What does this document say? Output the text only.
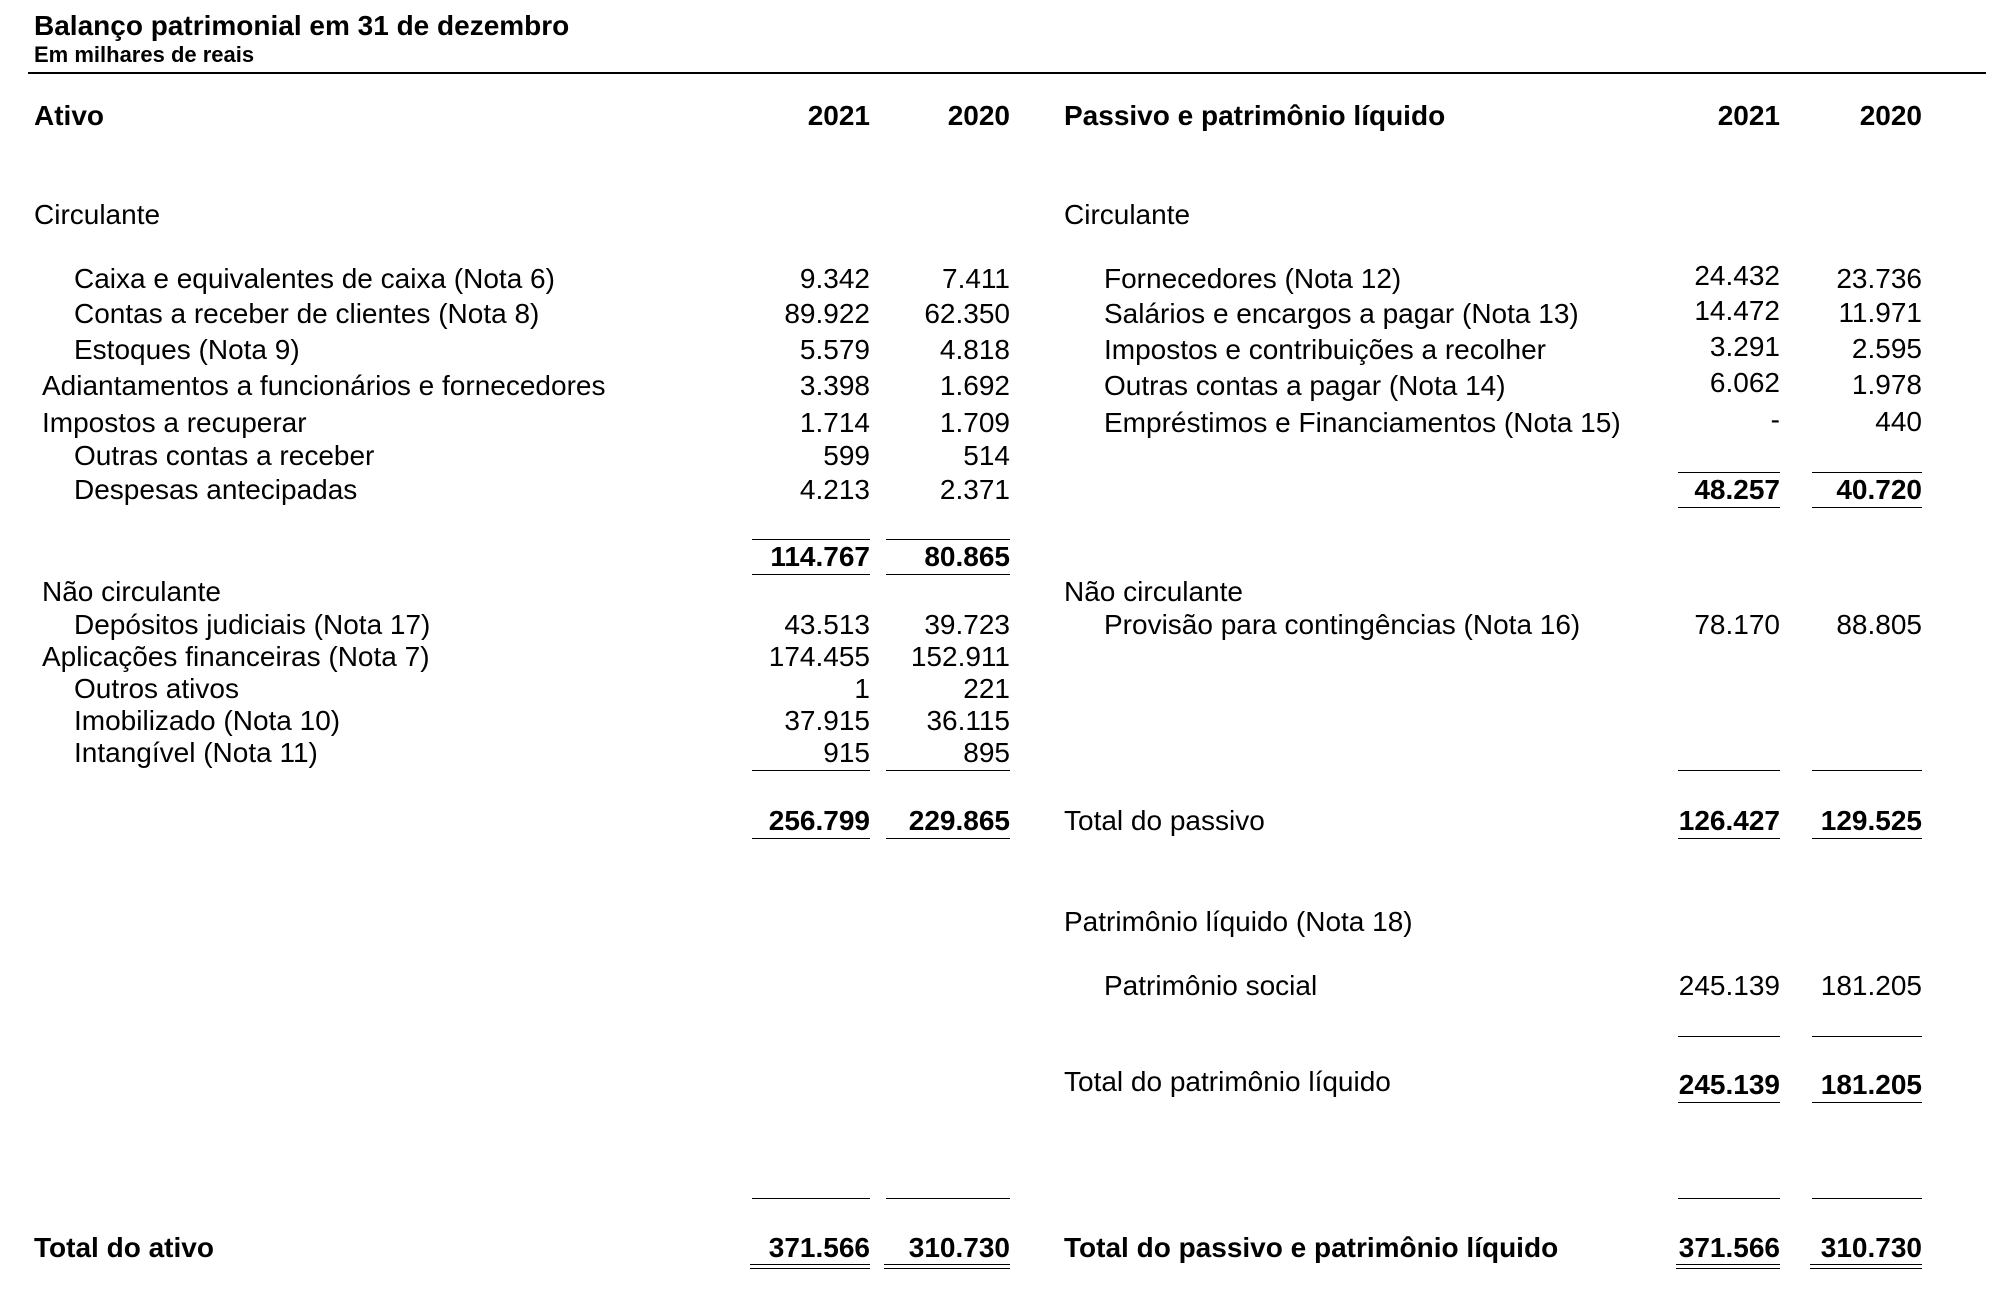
Balanço patrimonial em 31 de dezembro
Em milhares de reais
Ativo	2021	2020
Circulante
Caixa e equivalentes de caixa (Nota 6)	9.342	7.411
Contas a receber de clientes (Nota 8)	89.922	62.350
Estoques (Nota 9)	5.579	4.818
Adiantamentos a funcionários e fornecedores	3.398	1.692
Impostos a recuperar	1.714	1.709
Outras contas a receber	599	514
Despesas antecipadas	4.213	2.371
114.767	80.865
Não circulante
Depósitos judiciais (Nota 17)	43.513	39.723
Aplicações financeiras (Nota 7)	174.455	152.911
Outros ativos	1	221
Imobilizado (Nota 10)	37.915	36.115
Intangível (Nota 11)	915	895
256.799	229.865
Total do ativo	371.566	310.730
Passivo e patrimônio líquido	2021	2020
Circulante
Fornecedores (Nota 12)	24.432	23.736
Salários e encargos a pagar (Nota 13)	14.472	11.971
Impostos e contribuições a recolher	3.291	2.595
Outras contas a pagar (Nota 14)	6.062	1.978
Empréstimos e Financiamentos (Nota 15)	-	440
48.257	40.720
Não circulante
Provisão para contingências (Nota 16)	78.170	88.805
Total do passivo	126.427	129.525
Patrimônio líquido (Nota 18)
Patrimônio social	245.139	181.205
Total do patrimônio líquido	245.139	181.205
Total do passivo e patrimônio líquido	371.566	310.730
